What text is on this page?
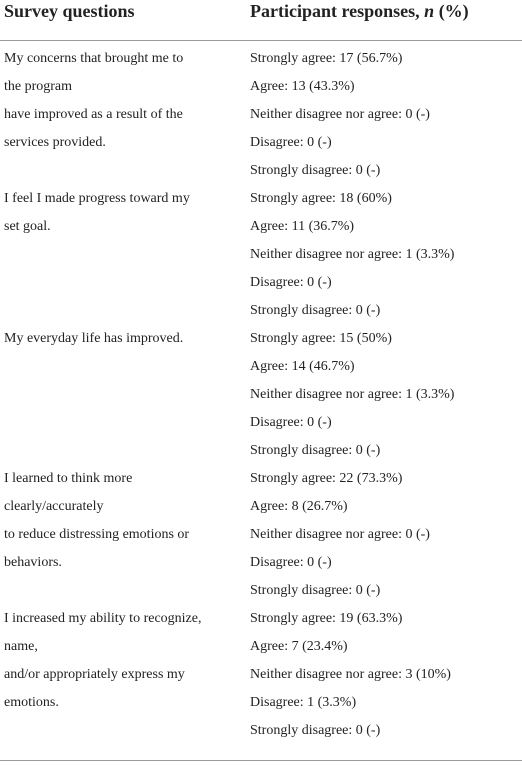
Survey questions	Participant responses, n (%)
My concerns that brought me to
the program
have improved as a result of the
services provided.
Strongly agree: 17 (56.7%)
Agree: 13 (43.3%)
Neither disagree nor agree: 0 (-)
Disagree: 0 (-)
Strongly disagree: 0 (-)
I feel I made progress toward my
set goal.
Strongly agree: 18 (60%)
Agree: 11 (36.7%)
Neither disagree nor agree: 1 (3.3%)
Disagree: 0 (-)
Strongly disagree: 0 (-)
My everyday life has improved.	Strongly agree: 15 (50%)
Agree: 14 (46.7%)
Neither disagree nor agree: 1 (3.3%)
Disagree: 0 (-)
Strongly disagree: 0 (-)
I learned to think more
clearly/accurately
to reduce distressing emotions or
behaviors.
Strongly agree: 22 (73.3%)
Agree: 8 (26.7%)
Neither disagree nor agree: 0 (-)
Disagree: 0 (-)
Strongly disagree: 0 (-)
I increased my ability to recognize,
name,
and/or appropriately express my
emotions.
Strongly agree: 19 (63.3%)
Agree: 7 (23.4%)
Neither disagree nor agree: 3 (10%)
Disagree: 1 (3.3%)
Strongly disagree: 0 (-)
